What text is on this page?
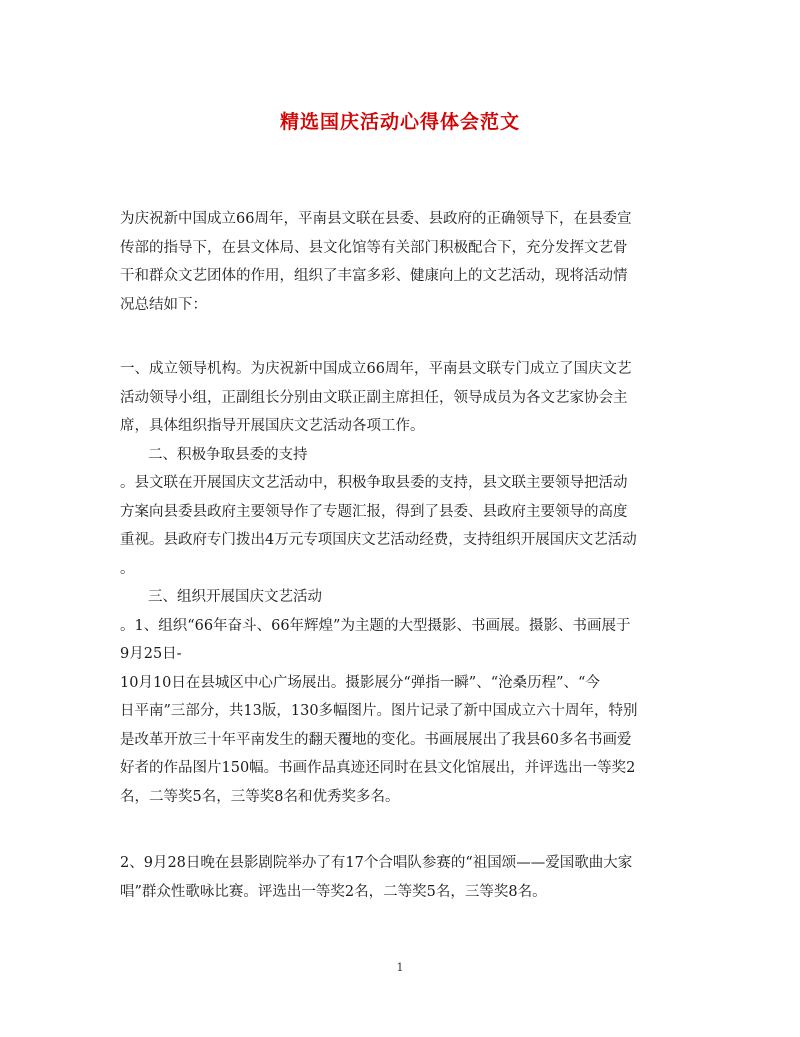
精选国庆活动心得体会范文
为庆祝新中国成立66周年，平南县文联在县委、县政府的正确领导下，在县委宣
传部的指导下，在县文体局、县文化馆等有关部门积极配合下，充分发挥文艺骨
干和群众文艺团体的作用，组织了丰富多彩、健康向上的文艺活动，现将活动情
况总结如下：
一、成立领导机构。为庆祝新中国成立66周年，平南县文联专门成立了国庆文艺
活动领导小组，正副组长分别由文联正副主席担任，领导成员为各文艺家协会主
席，具体组织指导开展国庆文艺活动各项工作。
二、积极争取县委的支持
。县文联在开展国庆文艺活动中，积极争取县委的支持，县文联主要领导把活动
方案向县委县政府主要领导作了专题汇报，得到了县委、县政府主要领导的高度
重视。县政府专门拨出4万元专项国庆文艺活动经费，支持组织开展国庆文艺活动
。
三、组织开展国庆文艺活动
。1、组织“66年奋斗、66年辉煌”为主题的大型摄影、书画展。摄影、书画展于
9月25日-
10月10日在县城区中心广场展出。摄影展分“弹指一瞬”、“沧桑历程”、“今
日平南”三部分，共13版，130多幅图片。图片记录了新中国成立六十周年，特别
是改革开放三十年平南发生的翻天覆地的变化。书画展展出了我县60多名书画爱
好者的作品图片150幅。书画作品真迹还同时在县文化馆展出，并评选出一等奖2
名，二等奖5名，三等奖8名和优秀奖多名。
2、9月28日晚在县影剧院举办了有17个合唱队参赛的“祖国颂——爱国歌曲大家
唱”群众性歌咏比赛。评选出一等奖2名，二等奖5名，三等奖8名。
1
